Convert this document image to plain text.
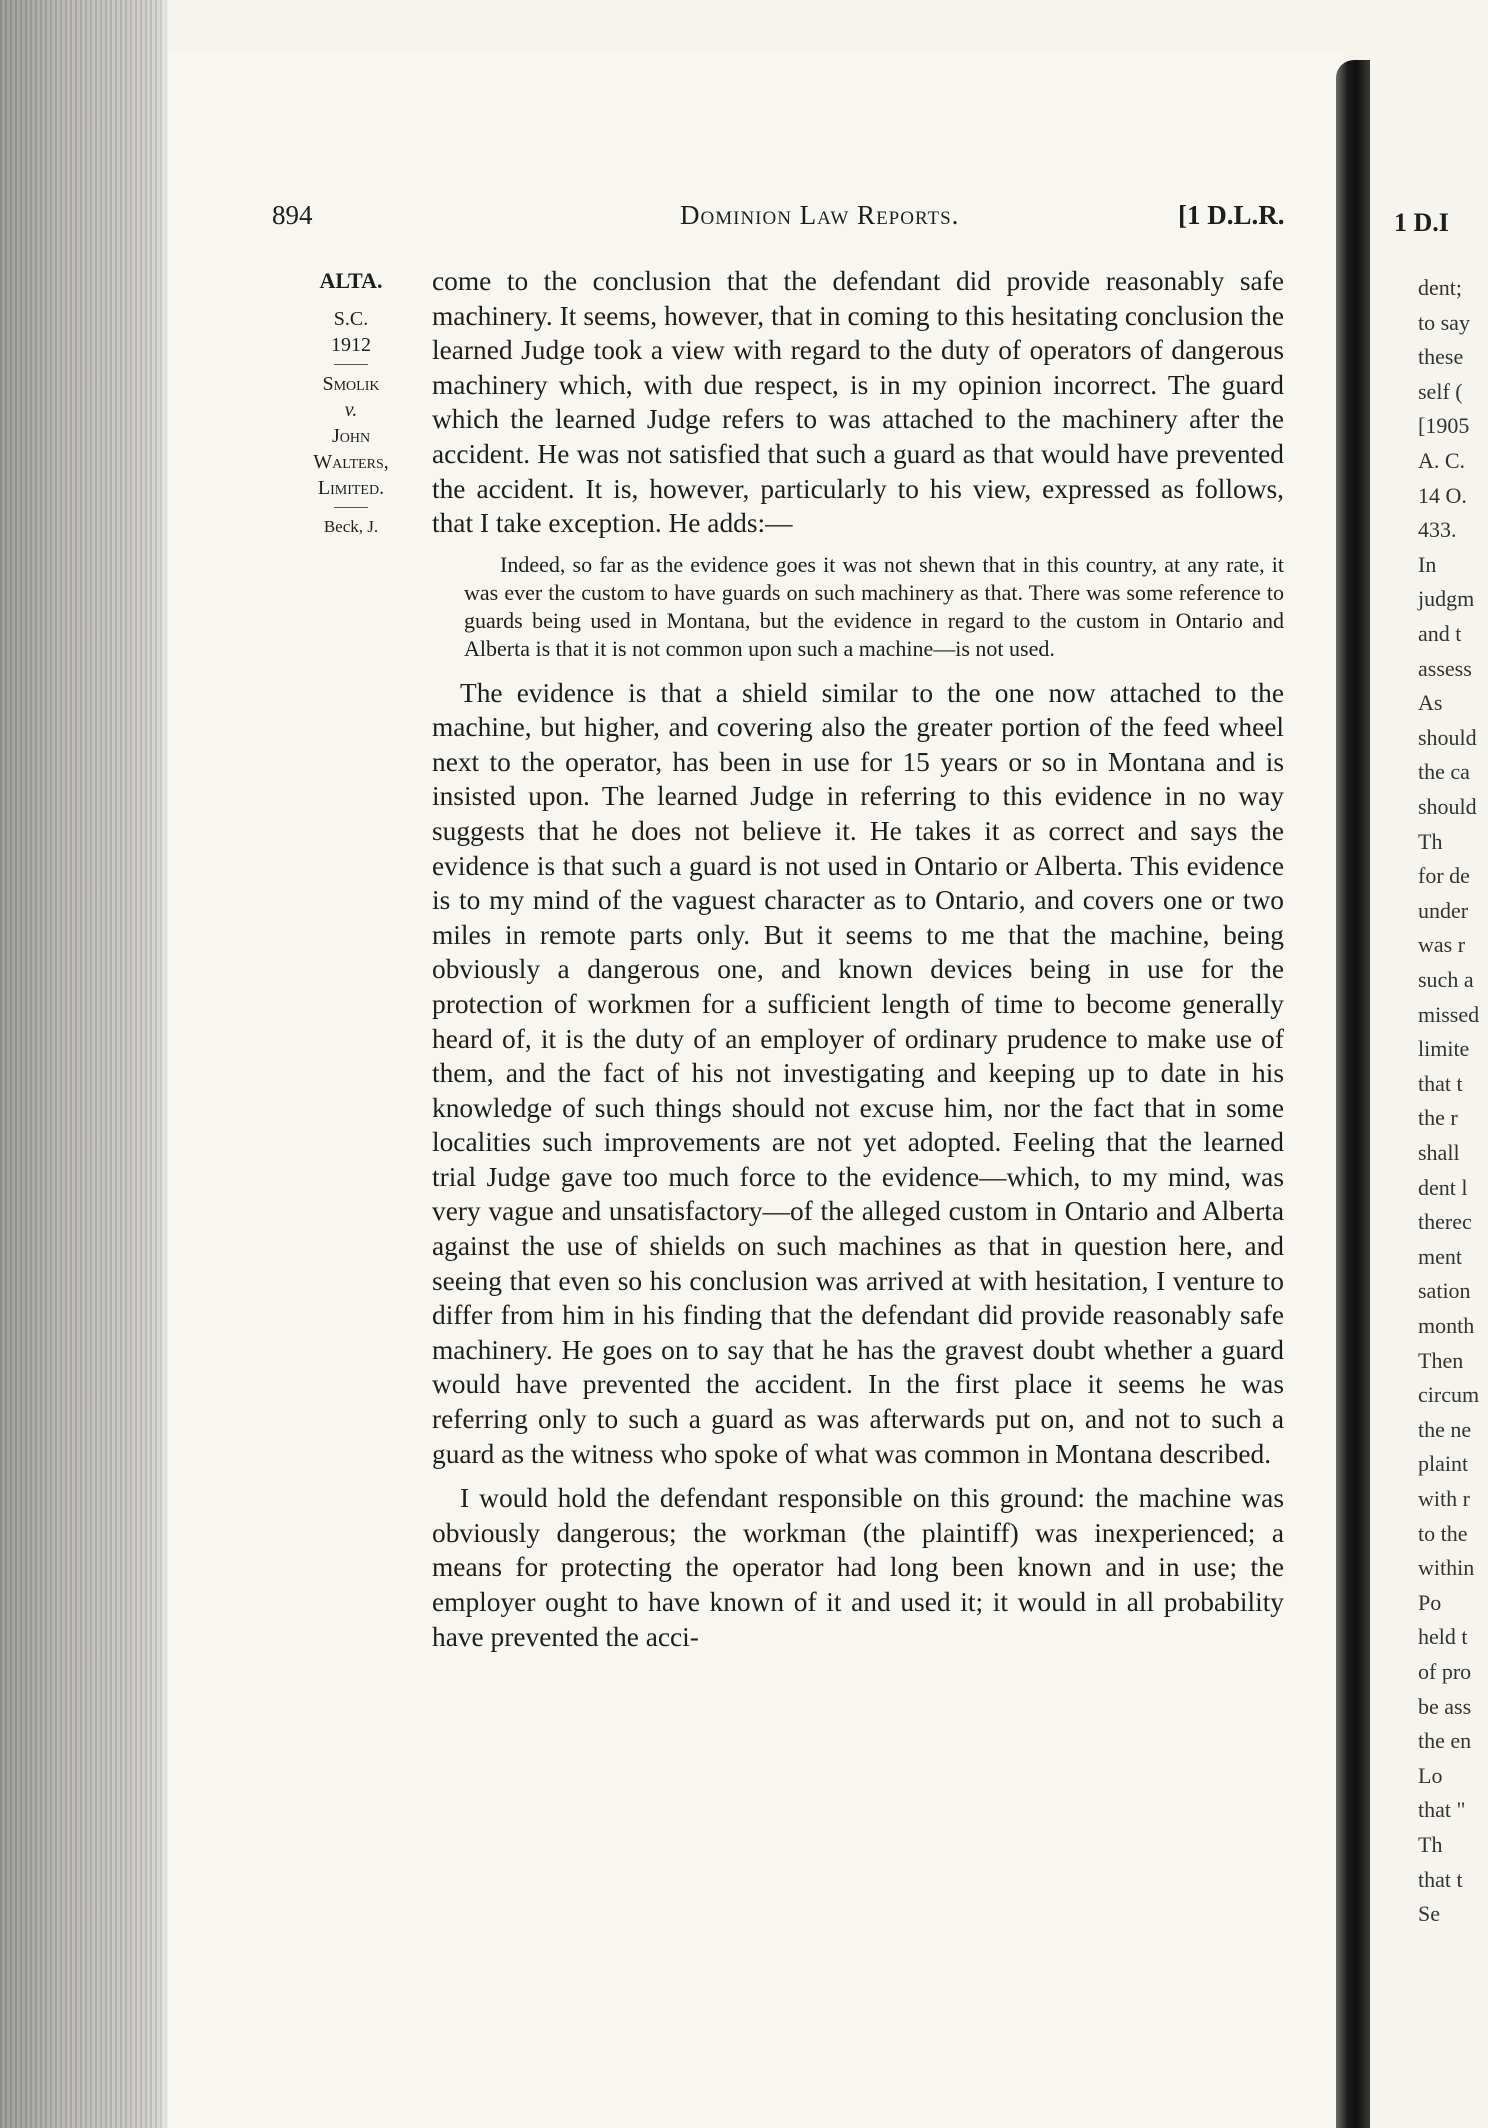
894	Dominion Law Reports.	[1 D.L.R.
ALTA.
S.C.
1912
Smolik
v.
John
Walters,
Limited.
Beck, J.

come to the conclusion that the defendant did provide reasonably safe machinery. It seems, however, that in coming to this hesitating conclusion the learned Judge took a view with regard to the duty of operators of dangerous machinery which, with due respect, is in my opinion incorrect. The guard which the learned Judge refers to was attached to the machinery after the accident. He was not satisfied that such a guard as that would have prevented the accident. It is, however, particularly to his view, expressed as follows, that I take exception. He adds:—

Indeed, so far as the evidence goes it was not shewn that in this country, at any rate, it was ever the custom to have guards on such machinery as that. There was some reference to guards being used in Montana, but the evidence in regard to the custom in Ontario and Alberta is that it is not common upon such a machine—is not used.

The evidence is that a shield similar to the one now attached to the machine, but higher, and covering also the greater portion of the feed wheel next to the operator, has been in use for 15 years or so in Montana and is insisted upon. The learned Judge in referring to this evidence in no way suggests that he does not believe it. He takes it as correct and says the evidence is that such a guard is not used in Ontario or Alberta. This evidence is to my mind of the vaguest character as to Ontario, and covers one or two miles in remote parts only. But it seems to me that the machine, being obviously a dangerous one, and known devices being in use for the protection of workmen for a sufficient length of time to become generally heard of, it is the duty of an employer of ordinary prudence to make use of them, and the fact of his not investigating and keeping up to date in his knowledge of such things should not excuse him, nor the fact that in some localities such improvements are not yet adopted. Feeling that the learned trial Judge gave too much force to the evidence—which, to my mind, was very vague and unsatisfactory—of the alleged custom in Ontario and Alberta against the use of shields on such machines as that in question here, and seeing that even so his conclusion was arrived at with hesitation, I venture to differ from him in his finding that the defendant did provide reasonably safe machinery. He goes on to say that he has the gravest doubt whether a guard would have prevented the accident. In the first place it seems he was referring only to such a guard as was afterwards put on, and not to such a guard as the witness who spoke of what was common in Montana described.

I would hold the defendant responsible on this ground: the machine was obviously dangerous; the workman (the plaintiff) was inexperienced; a means for protecting the operator had long been known and in use; the employer ought to have known of it and used it; it would in all probability have prevented the acci-

1 D.I
dent;
to say
these
self (
[1905
A. C.
14 O.
433.
In
judgm
and t
assess
As
should
the ca
should
Th
for de
under
was r
such a
missed
limite
that t
the r
shall
dent l
therec
ment
sation
month
Then
circum
the ne
plaint
with r
to the
within
Po
held t
of pro
be ass
the en
Lo
that "
Th
that t
Se
